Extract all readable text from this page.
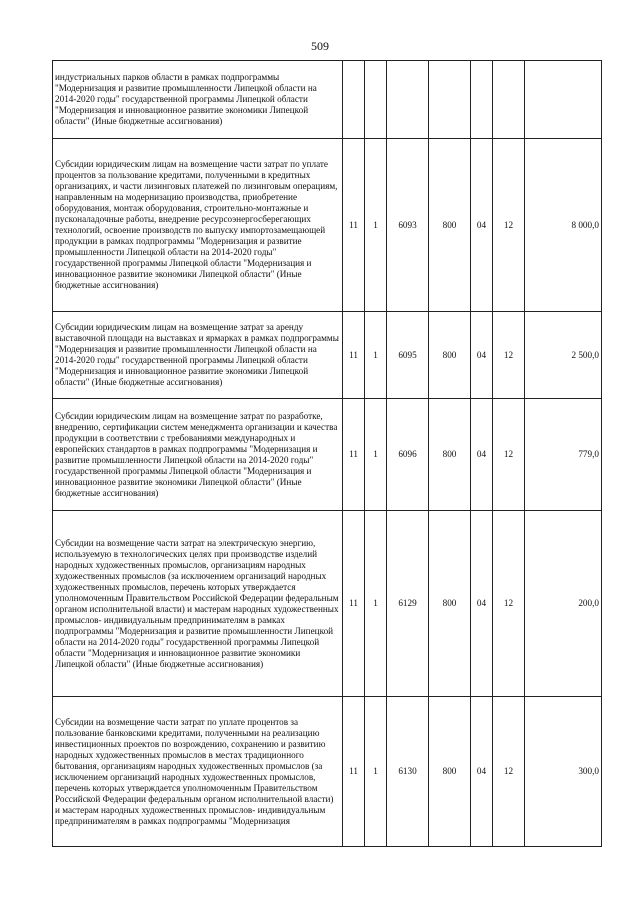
509
индустриальных парков области в рамках подпрограммы "Модернизация и развитие промышленности Липецкой области на 2014-2020 годы" государственной программы Липецкой области "Модернизация и инновационное развитие экономики Липецкой области" (Иные бюджетные ассигнования)							
Субсидии юридическим лицам на возмещение части затрат по уплате процентов за пользование кредитами, полученными в кредитных организациях, и части лизинговых платежей по лизинговым операциям, направленным на модернизацию производства, приобретение оборудования, монтаж оборудования, строительно-монтажные и пусконаладочные работы, внедрение ресурсоэнергосберегающих технологий, освоение производств по выпуску импортозамещающей продукции в рамках подпрограммы "Модернизация и развитие промышленности Липецкой области на 2014-2020 годы" государственной программы Липецкой области "Модернизация и инновационное развитие экономики Липецкой области" (Иные бюджетные ассигнования)	11	1	6093	800	04	12	8 000,0
Субсидии юридическим лицам на возмещение затрат за аренду выставочной площади на выставках и ярмарках в рамках подпрограммы "Модернизация и развитие промышленности Липецкой области на 2014-2020 годы" государственной программы Липецкой области "Модернизация и инновационное развитие экономики Липецкой области" (Иные бюджетные ассигнования)	11	1	6095	800	04	12	2 500,0
Субсидии юридическим лицам на возмещение затрат по разработке, внедрению, сертификации систем менеджмента организации и качества продукции в соответствии с требованиями международных и европейских стандартов в рамках подпрограммы "Модернизация и развитие промышленности Липецкой области на 2014-2020 годы" государственной программы Липецкой области "Модернизация и инновационное развитие экономики Липецкой области" (Иные бюджетные ассигнования)	11	1	6096	800	04	12	779,0
Субсидии на возмещение части затрат на электрическую энергию, используемую в технологических целях при производстве изделий народных художественных промыслов, организациям народных художественных промыслов (за исключением организаций народных художественных промыслов, перечень которых утверждается уполномоченным Правительством Российской Федерации федеральным органом исполнительной власти) и мастерам народных художественных промыслов- индивидуальным предпринимателям в рамках подпрограммы "Модернизация и развитие промышленности Липецкой области на 2014-2020 годы" государственной программы Липецкой области "Модернизация и инновационное развитие экономики Липецкой области" (Иные бюджетные ассигнования)	11	1	6129	800	04	12	200,0
Субсидии на возмещение части затрат по уплате процентов за пользование банковскими кредитами, полученными на реализацию инвестиционных проектов по возрождению, сохранению и развитию народных художественных промыслов в местах традиционного бытования, организациям народных художественных промыслов (за исключением организаций народных художественных промыслов, перечень которых утверждается уполномоченным Правительством Российской Федерации федеральным органом исполнительной власти) и мастерам народных художественных промыслов- индивидуальным предпринимателям в рамках подпрограммы "Модернизация	11	1	6130	800	04	12	300,0
